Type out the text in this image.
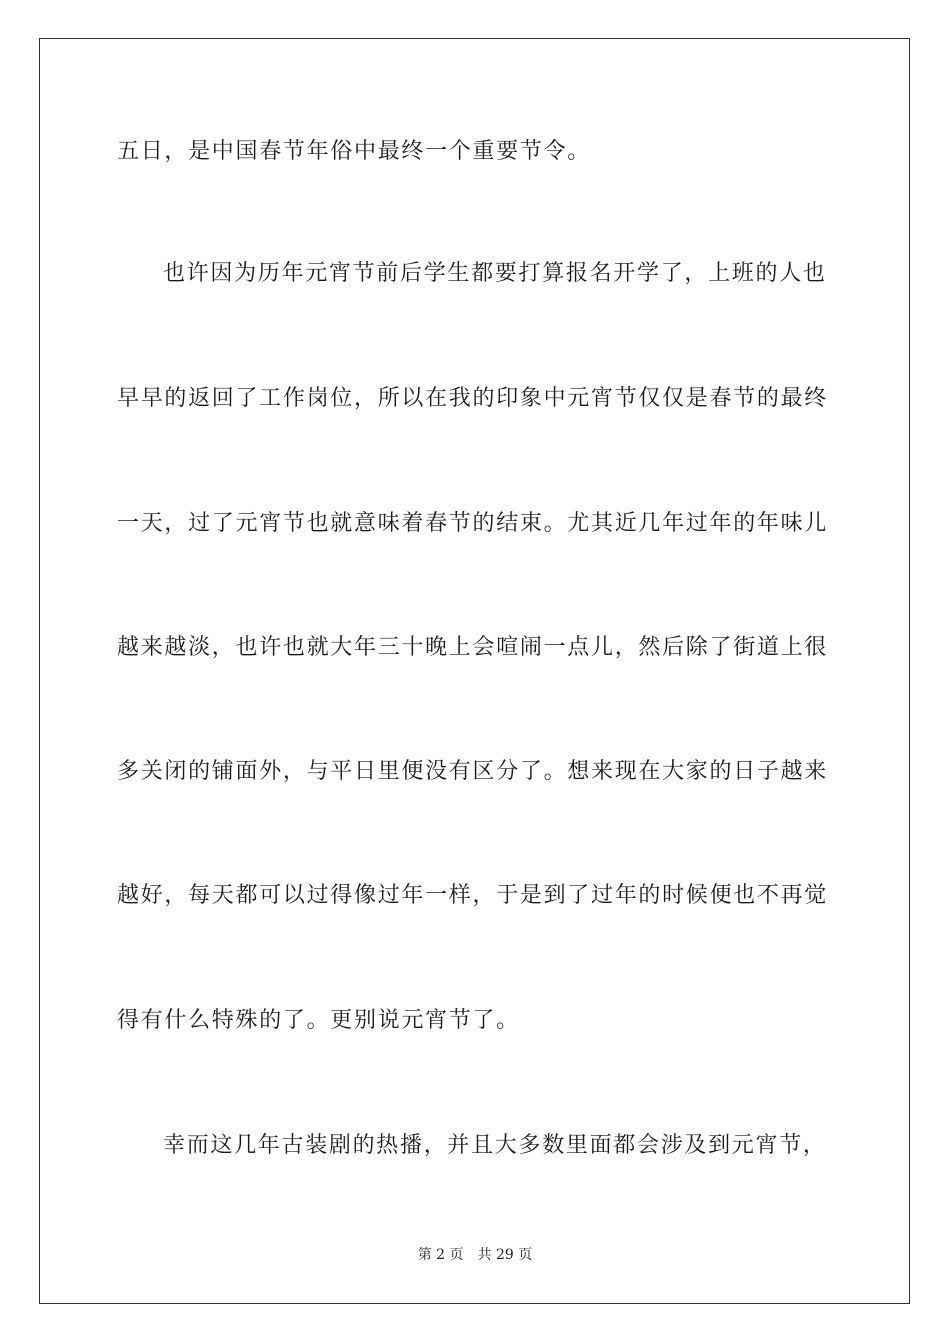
五日，是中国春节年俗中最终一个重要节令。
也许因为历年元宵节前后学生都要打算报名开学了，上班的人也
早早的返回了工作岗位，所以在我的印象中元宵节仅仅是春节的最终
一天，过了元宵节也就意味着春节的结束。尤其近几年过年的年味儿
越来越淡，也许也就大年三十晚上会喧闹一点儿，然后除了街道上很
多关闭的铺面外，与平日里便没有区分了。想来现在大家的日子越来
越好，每天都可以过得像过年一样，于是到了过年的时候便也不再觉
得有什么特殊的了。更别说元宵节了。
幸而这几年古装剧的热播，并且大多数里面都会涉及到元宵节，
第 2 页 共 29 页
